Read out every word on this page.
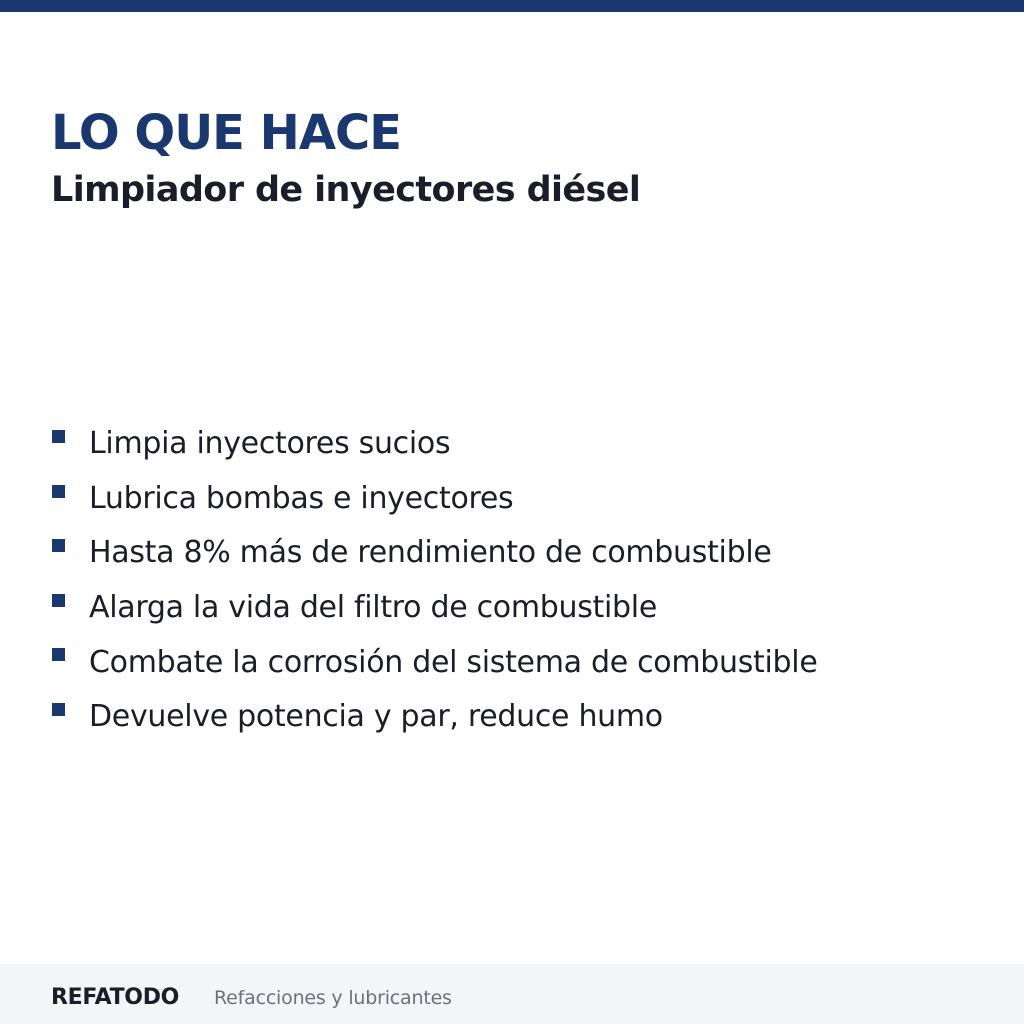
LO QUE HACE
Limpiador de inyectores diésel
Limpia inyectores sucios
Lubrica bombas e inyectores
Hasta 8% más de rendimiento de combustible
Alarga la vida del filtro de combustible
Combate la corrosión del sistema de combustible
Devuelve potencia y par, reduce humo
REFATODO Refacciones y lubricantes
